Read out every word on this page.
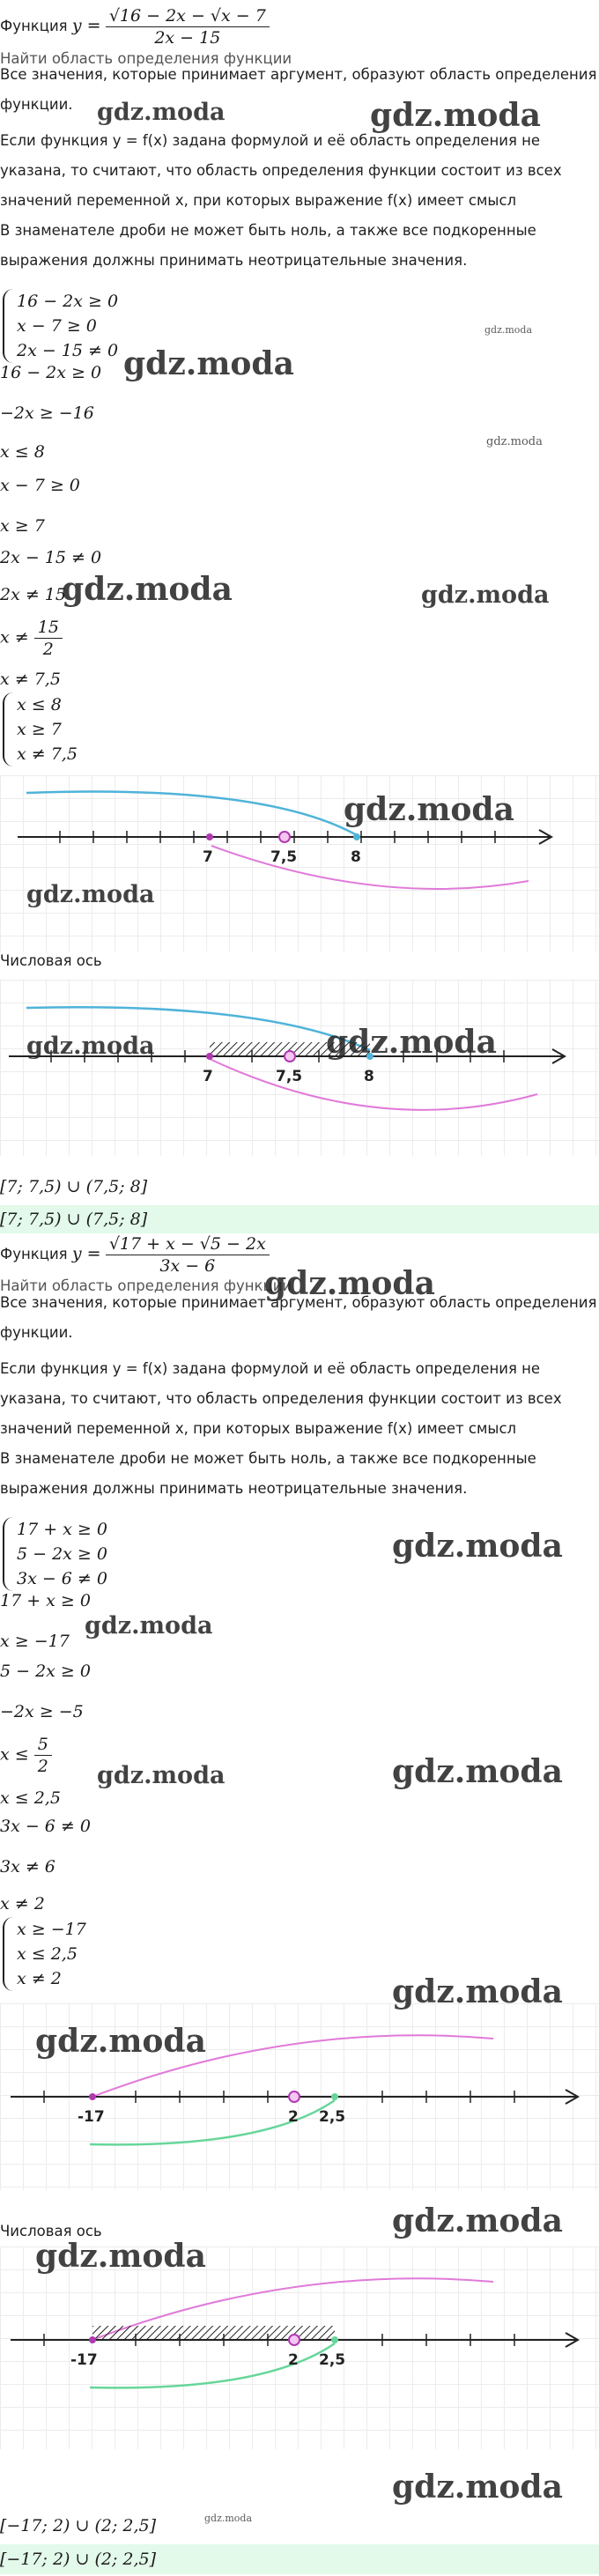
Функция $y = \frac{√16 - 2x - √x - 7}{2x - 15}$
Найти область определения функции
Все значения, которые принимает аргумент, образуют область определения
функции.
Если функция y = f(x) задана формулой и её область определения не
указана, то считают, что область определения функции состоит из всех
значений переменной x, при которых выражение f(x) имеет смысл
В знаменателе дроби не может быть ноль, а также все подкоренные
выражения должны принимать неотрицательные значения.
16 − 2x ≥ 0
x − 7 ≥ 0
2x − 15 ≠ 0
16 − 2x ≥ 0
−2x ≥ −16
x ≤ 8
x − 7 ≥ 0
x ≥ 7
2x − 15 ≠ 0
2x ≠ 15
$x \ne \frac{15}{2}$
x ≠ 7,5
x ≤ 8
x ≥ 7
x ≠ 7,5
7	7,5	8
Числовая ось
7	7,5	8
[7; 7,5) ∪ (7,5; 8]
[7; 7,5) ∪ (7,5; 8]
Функция $y = \frac{√17 + x - √5 - 2x}{3x - 6}$
Найти область определения функции
Все значения, которые принимает аргумент, образуют область определения
функции.
Если функция y = f(x) задана формулой и её область определения не
указана, то считают, что область определения функции состоит из всех
значений переменной x, при которых выражение f(x) имеет смысл
В знаменателе дроби не может быть ноль, а также все подкоренные
выражения должны принимать неотрицательные значения.
17 + x ≥ 0
5 − 2x ≥ 0
3x − 6 ≠ 0
17 + x ≥ 0
x ≥ −17
5 − 2x ≥ 0
−2x ≥ −5
$x \le \frac{5}{2}$
x ≤ 2,5
3x − 6 ≠ 0
3x ≠ 6
x ≠ 2
x ≥ −17
x ≤ 2,5
x ≠ 2
-17	2 2,5
Числовая ось
-17	2 2,5
[−17; 2) ∪ (2; 2,5]
[−17; 2) ∪ (2; 2,5]
gdz.moda	gdz.moda
gdz.moda
gdz.moda
gdz.moda
gdz.moda	gdz.moda
gdz.moda
gdz.moda
gdz.moda	gdz.moda
gdz.moda
gdz.moda
gdz.moda
gdz.moda
gdz.moda
gdz.moda
gdz.moda
gdz.moda
gdz.moda
gdz.moda
gdz.moda
